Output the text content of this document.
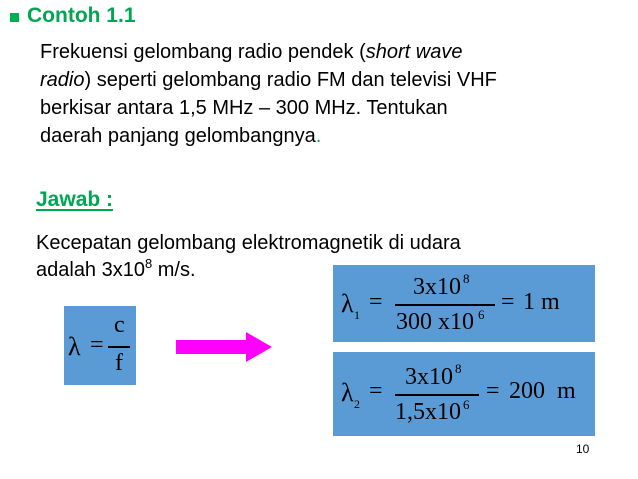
Contoh 1.1
Frekuensi gelombang radio pendek (short wave
radio) seperti gelombang radio FM dan televisi VHF
berkisar antara 1,5 MHz – 300 MHz. Tentukan
daerah panjang gelombangnya.
Jawab :
Kecepatan gelombang elektromagnetik di udara
adalah $3x10^8$ m/s.
λ =
c
f
λ 1 =
3x10 8
300 x10 6 = 1 m
λ 2 =
3x10 8
1,5x10 6
= 200  m
10
